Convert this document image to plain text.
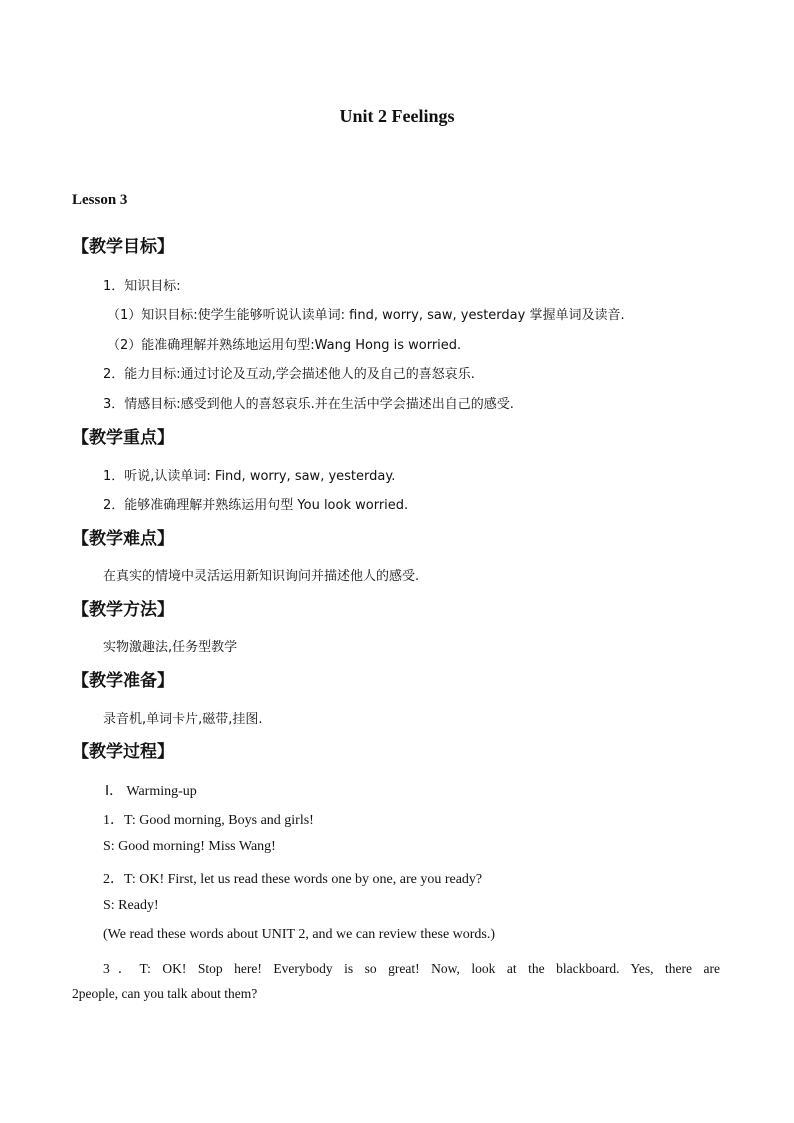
Unit 2 Feelings
Lesson 3
【教学目标】
1．知识目标:
（1）知识目标:使学生能够听说认读单词: find, worry, saw, yesterday 掌握单词及读音.
（2）能准确理解并熟练地运用句型:Wang Hong is worried.
2．能力目标:通过讨论及互动,学会描述他人的及自己的喜怒哀乐.
3．情感目标:感受到他人的喜怒哀乐.并在生活中学会描述出自己的感受.
【教学重点】
1．听说,认读单词: Find, worry, saw, yesterday.
2．能够准确理解并熟练运用句型 You look worried.
【教学难点】
在真实的情境中灵活运用新知识询问并描述他人的感受.
【教学方法】
实物激趣法,任务型教学
【教学准备】
录音机,单词卡片,磁带,挂图.
【教学过程】
Ⅰ． Warming-up
1．T: Good morning, Boys and girls!
S: Good morning! Miss Wang!
2．T: OK! First, let us read these words one by one, are you ready?
S: Ready!
(We read these words about UNIT 2, and we can review these words.)
3．T: OK! Stop here! Everybody is so great! Now, look at the blackboard. Yes, there are
2people, can you talk about them?
